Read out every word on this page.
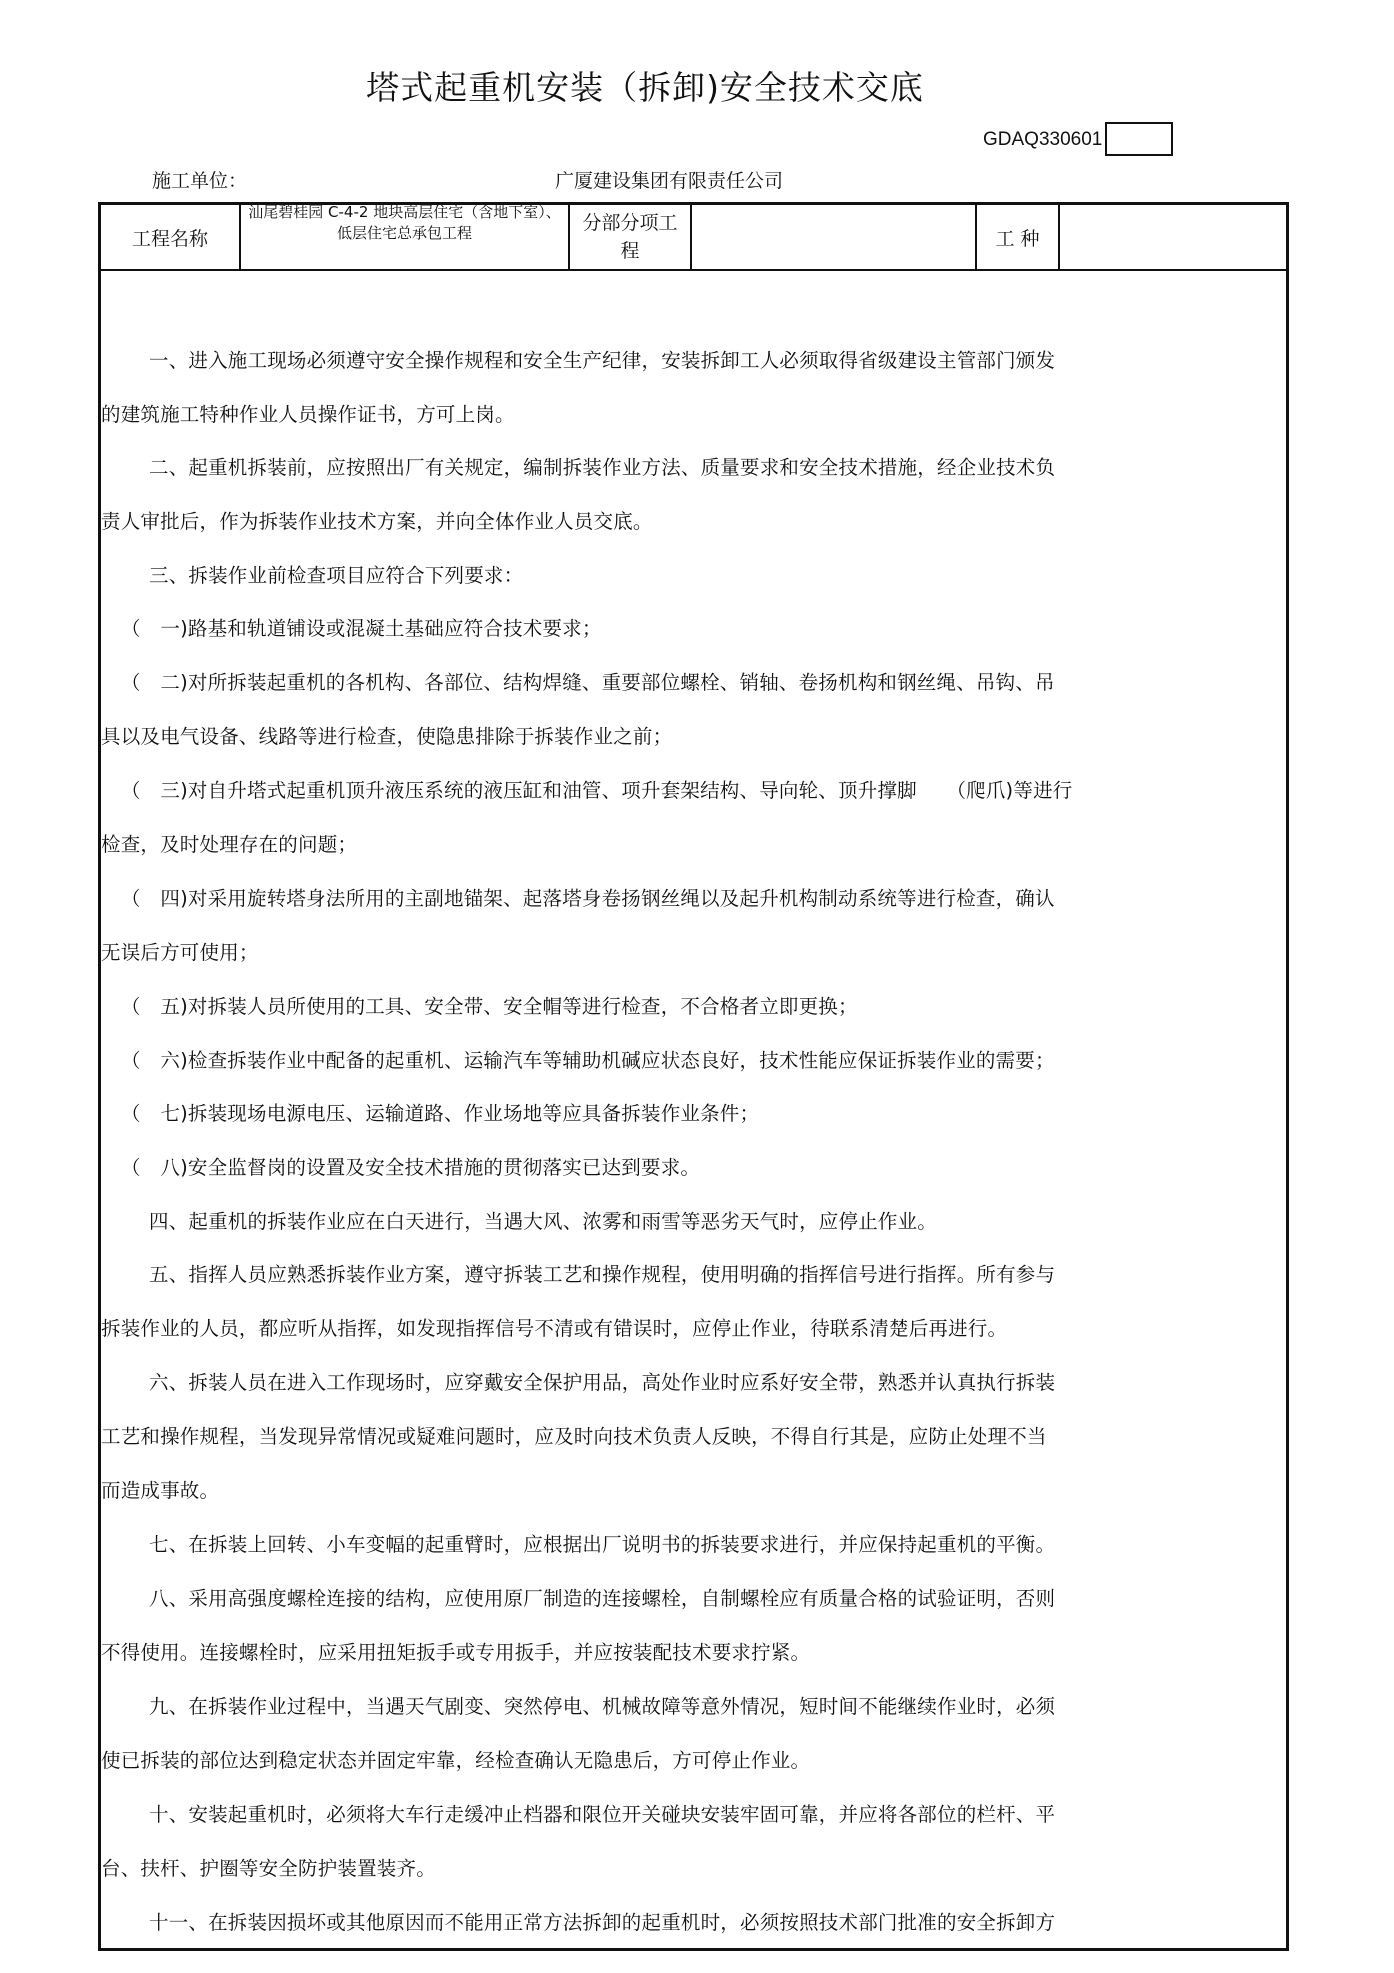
塔式起重机安装（拆卸)安全技术交底
GDAQ330601
施工单位：	广厦建设集团有限责任公司
工程名称
汕尾碧桂园 C-4-2 地块高层住宅（含地下室）、低层住宅总承包工程	分部分项工　　程
工 种
一、进入施工现场必须遵守安全操作规程和安全生产纪律，安装拆卸工人必须取得省级建设主管部门颁发
的建筑施工特种作业人员操作证书，方可上岗。
二、起重机拆装前，应按照出厂有关规定，编制拆装作业方法、质量要求和安全技术措施，经企业技术负
责人审批后，作为拆装作业技术方案，并向全体作业人员交底。
三、拆装作业前检查项目应符合下列要求：
（　一)路基和轨道铺设或混凝土基础应符合技术要求；
（　二)对所拆装起重机的各机构、各部位、结构焊缝、重要部位螺栓、销轴、卷扬机构和钢丝绳、吊钩、吊
具以及电气设备、线路等进行检查，使隐患排除于拆装作业之前；
（　三)对自升塔式起重机顶升液压系统的液压缸和油管、项升套架结构、导向轮、顶升撑脚　　（爬爪)等进行
检查，及时处理存在的问题；
（　四)对采用旋转塔身法所用的主副地锚架、起落塔身卷扬钢丝绳以及起升机构制动系统等进行检查，确认
无误后方可使用；
（　五)对拆装人员所使用的工具、安全带、安全帽等进行检查，不合格者立即更换；
（　六)检查拆装作业中配备的起重机、运输汽车等辅助机碱应状态良好，技术性能应保证拆装作业的需要；
（　七)拆装现场电源电压、运输道路、作业场地等应具备拆装作业条件；
（　八)安全监督岗的设置及安全技术措施的贯彻落实已达到要求。
四、起重机的拆装作业应在白天进行，当遇大风、浓雾和雨雪等恶劣天气时，应停止作业。
五、指挥人员应熟悉拆装作业方案，遵守拆装工艺和操作规程，使用明确的指挥信号进行指挥。所有参与
拆装作业的人员，都应听从指挥，如发现指挥信号不清或有错误时，应停止作业，待联系清楚后再进行。
六、拆装人员在进入工作现场时，应穿戴安全保护用品，高处作业时应系好安全带，熟悉并认真执行拆装
工艺和操作规程，当发现异常情况或疑难问题时，应及时向技术负责人反映，不得自行其是，应防止处理不当
而造成事故。
七、在拆装上回转、小车变幅的起重臂时，应根据出厂说明书的拆装要求进行，并应保持起重机的平衡。
八、采用高强度螺栓连接的结构，应使用原厂制造的连接螺栓，自制螺栓应有质量合格的试验证明，否则
不得使用。连接螺栓时，应采用扭矩扳手或专用扳手，并应按装配技术要求拧紧。
九、在拆装作业过程中，当遇天气剧变、突然停电、机械故障等意外情况，短时间不能继续作业时，必须
使已拆装的部位达到稳定状态并固定牢靠，经检查确认无隐患后，方可停止作业。
十、安装起重机时，必须将大车行走缓冲止档器和限位开关碰块安装牢固可靠，并应将各部位的栏杆、平
台、扶杆、护圈等安全防护装置装齐。
十一、在拆装因损坏或其他原因而不能用正常方法拆卸的起重机时，必须按照技术部门批准的安全拆卸方
